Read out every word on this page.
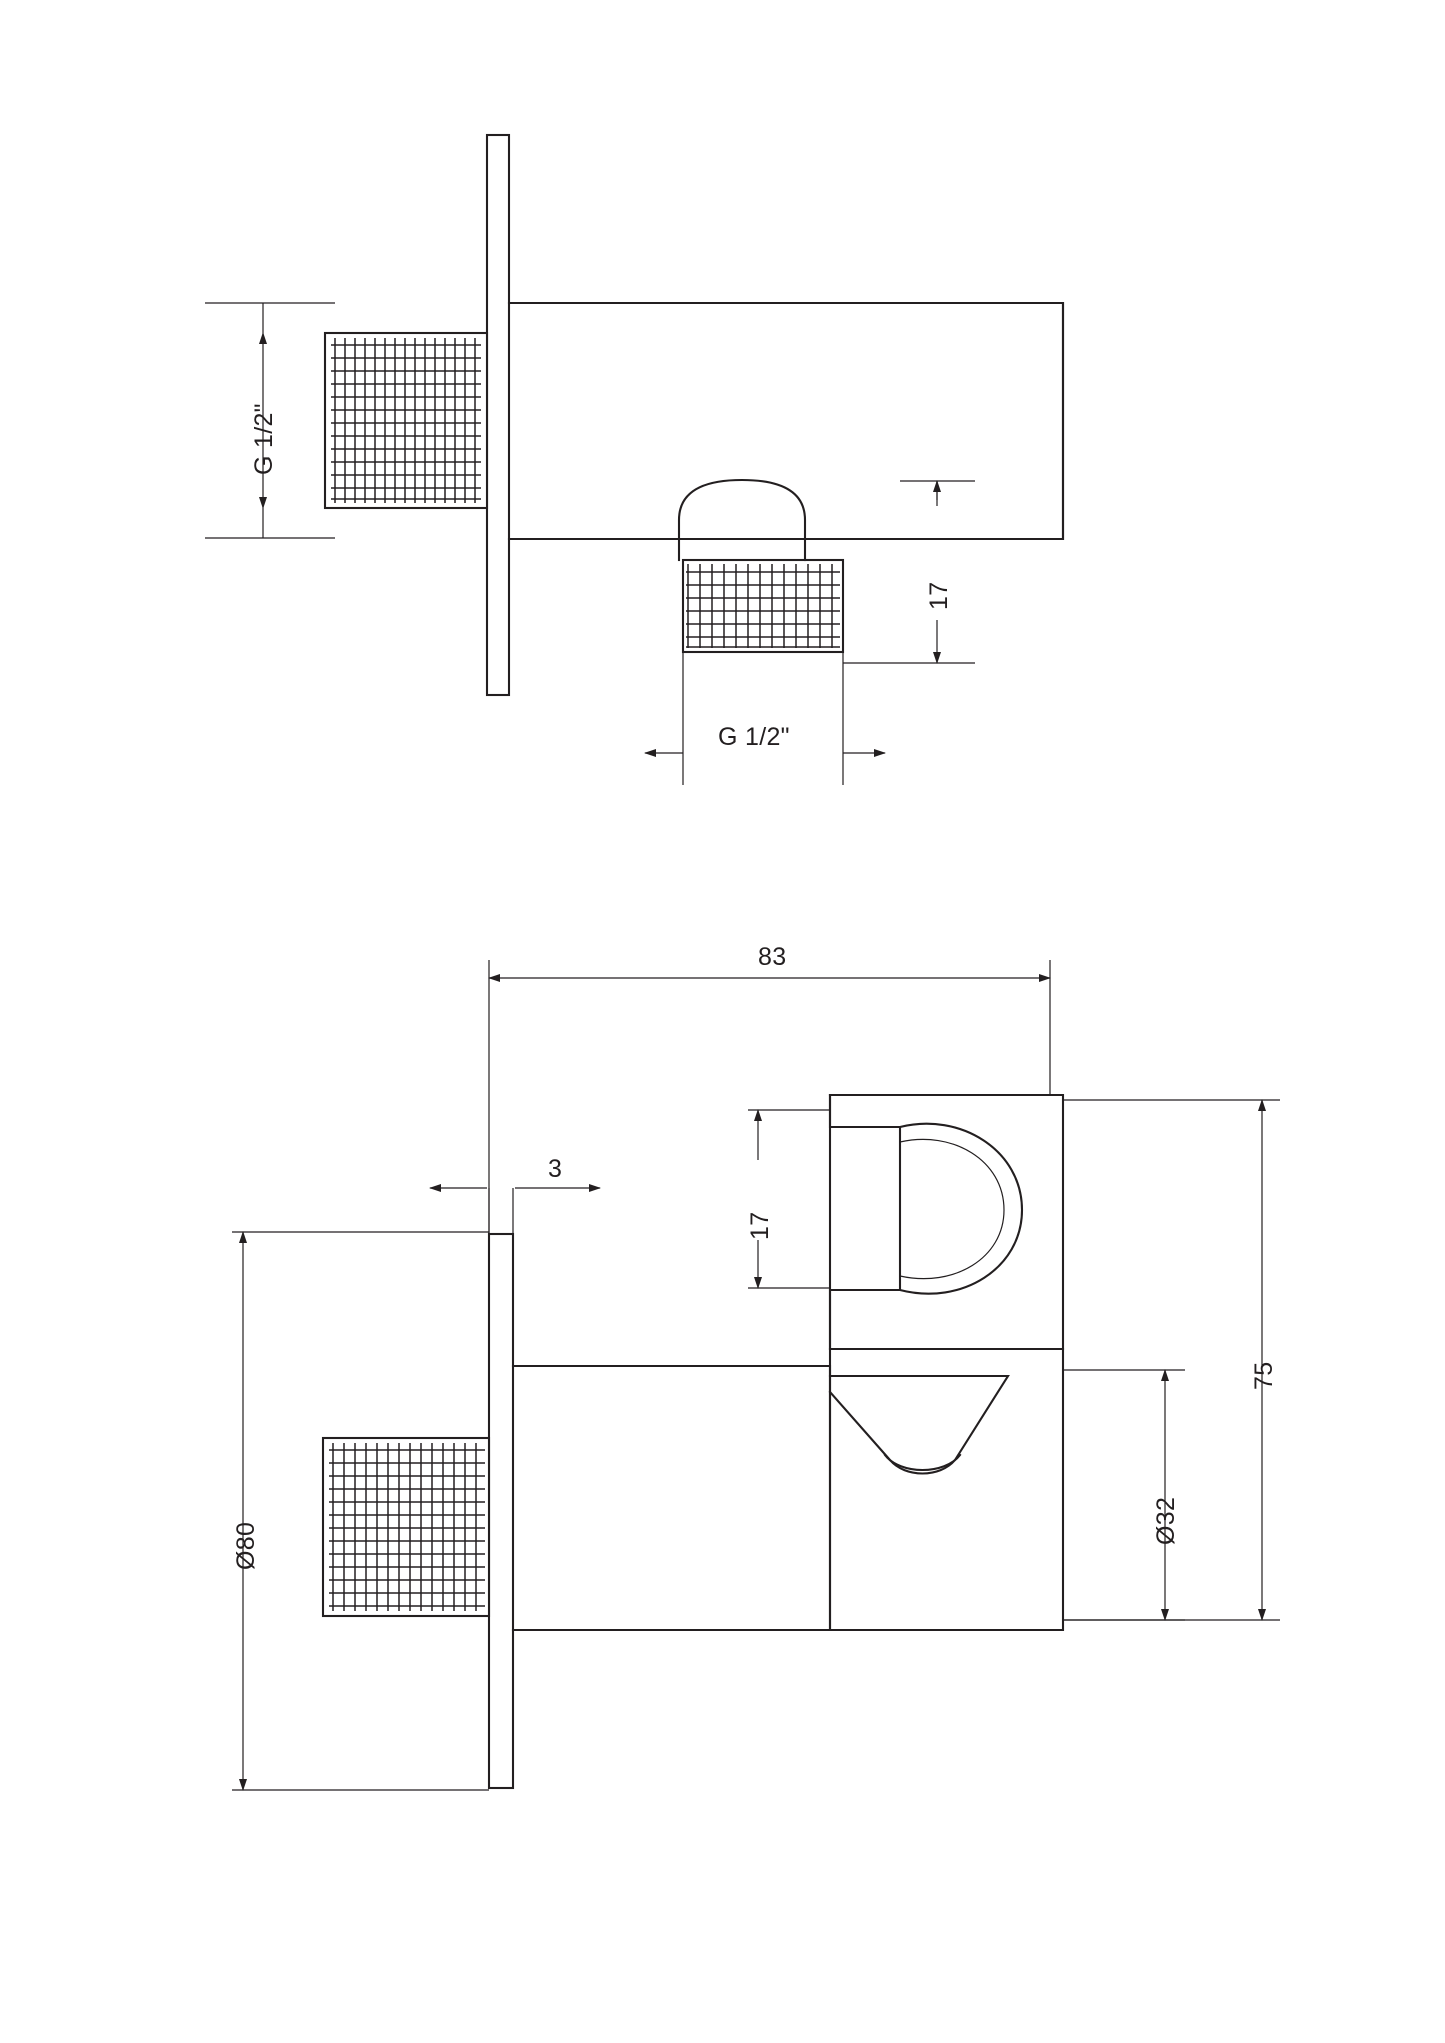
G 1/2"
G 1/2"
17
83
3
17
75
Ø32
Ø80
